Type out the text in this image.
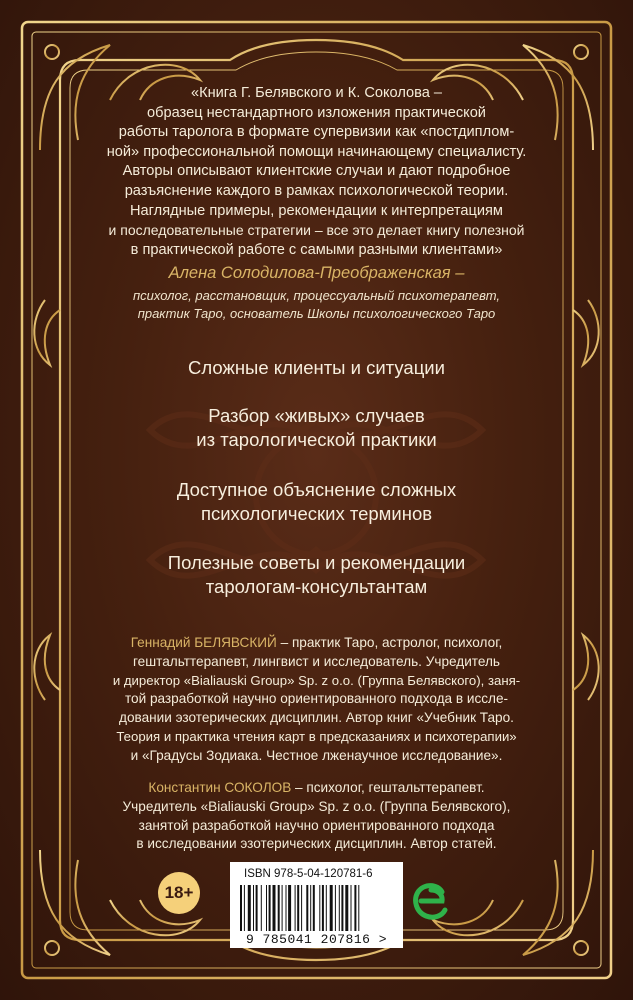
«Книга Г. Белявского и К. Соколова –

образец нестандартного изложения практической

работы таролога в формате супервизии как «постдиплом-

ной» профессиональной помощи начинающему специалисту.

Авторы описывают клиентские случаи и дают подробное

разъяснение каждого в рамках психологической теории.

Наглядные примеры, рекомендации к интерпретациям

и последовательные стратегии – все это делает книгу полезной

в практической работе с самыми разными клиентами»

Алена Солодилова-Преображенская –
психолог, расстановщик, процессуальный психотерапевт,
практик Таро, основатель Школы психологического Таро
Сложные клиенты и ситуации
Разбор «живых» случаев
из тарологической практики
Доступное объяснение сложных
психологических терминов
Полезные советы и рекомендации
тарологам-консультантам

Геннадий БЕЛЯВСКИЙ – практик Таро, астролог, психолог,

гештальттерапевт, лингвист и исследователь. Учредитель

и директор «Bialiauski Group» Sp. z o.o. (Группа Белявского), заня-

той разработкой научно ориентированного подхода в иссле-

довании эзотерических дисциплин. Автор книг «Учебник Таро.

Теория и практика чтения карт в предсказаниях и психотерапии»

и «Градусы Зодиака. Честное лженаучное исследование».

Константин СОКОЛОВ – психолог, гештальттерапевт.

Учредитель «Bialiauski Group» Sp. z o.o. (Группа Белявского),

занятой разработкой научно ориентированного подхода

в исследовании эзотерических дисциплин. Автор статей.

18+
ISBN 978-5-04-120781-6
9 785041 207816 >
